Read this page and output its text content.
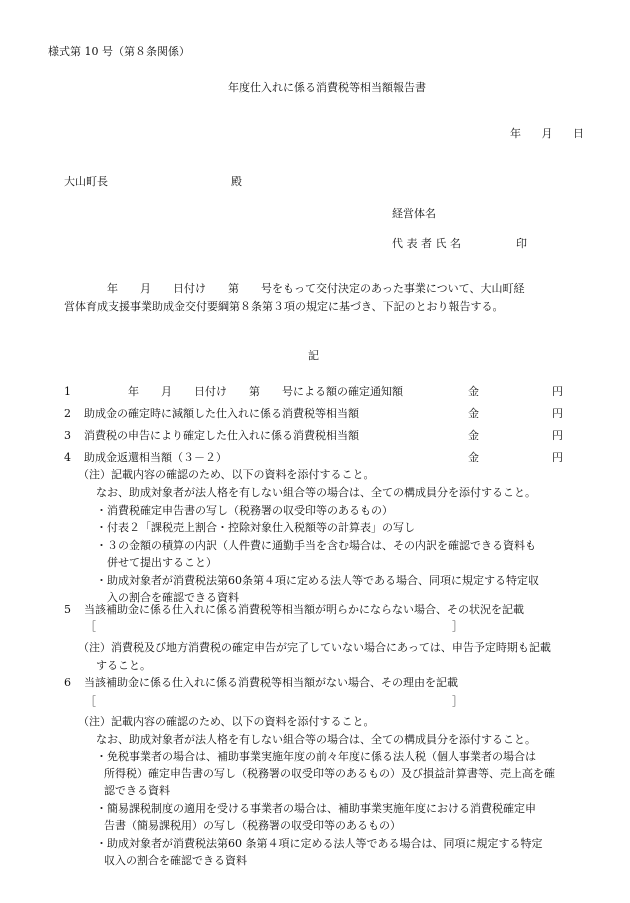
様式第 10 号（第８条関係）
年度仕入れに係る消費税等相当額報告書
年　 月　 日
大山町長	殿
経営体名
代 表 者 氏 名	印
年　　月　　日付け　　第　　号をもって交付決定のあった事業について、大山町経
営体育成支援事業助成金交付要綱第８条第３項の規定に基づき、下記のとおり報告する。
記
1	年　　月　　日付け　　第　　号による額の確定通知額	金	円
2 助成金の確定時に減額した仕入れに係る消費税等相当額	金	円
3 消費税の申告により確定した仕入れに係る消費税相当額	金	円
4 助成金返還相当額（３－２）	金	円
（注）記載内容の確認のため、以下の資料を添付すること。
なお、助成対象者が法人格を有しない組合等の場合は、全ての構成員分を添付すること。
・消費税確定申告書の写し（税務署の収受印等のあるもの）
・付表２「課税売上割合・控除対象仕入税額等の計算表」の写し
・３の金額の積算の内訳（人件費に通勤手当を含む場合は、その内訳を確認できる資料も
併せて提出すること）
・助成対象者が消費税法第60条第４項に定める法人等である場合、同項に規定する特定収
入の割合を確認できる資料
5 当該補助金に係る仕入れに係る消費税等相当額が明らかにならない場合、その状況を記載
［	］
（注）消費税及び地方消費税の確定申告が完了していない場合にあっては、申告予定時期も記載
すること。
6 当該補助金に係る仕入れに係る消費税等相当額がない場合、その理由を記載
［	］
（注）記載内容の確認のため、以下の資料を添付すること。
なお、助成対象者が法人格を有しない組合等の場合は、全ての構成員分を添付すること。
・免税事業者の場合は、補助事業実施年度の前々年度に係る法人税（個人事業者の場合は
所得税）確定申告書の写し（税務署の収受印等のあるもの）及び損益計算書等、売上高を確
認できる資料
・簡易課税制度の適用を受ける事業者の場合は、補助事業実施年度における消費税確定申
告書（簡易課税用）の写し（税務署の収受印等のあるもの）
・助成対象者が消費税法第60 条第４項に定める法人等である場合は、同項に規定する特定
収入の割合を確認できる資料
